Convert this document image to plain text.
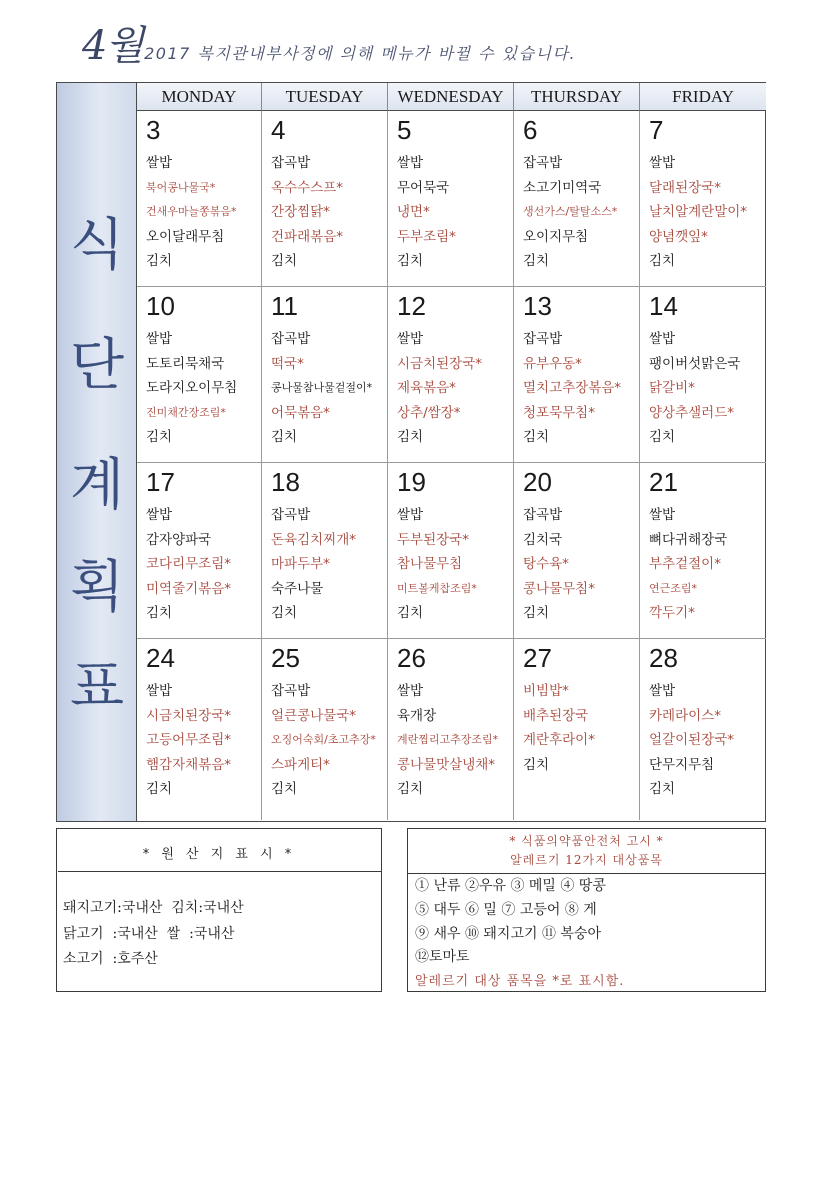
4월 2017 복지관내부사정에 의해 메뉴가 바뀔 수 있습니다.
식
단
계
획
표
MONDAY	TUESDAY	WEDNESDAY	THURSDAY	FRIDAY
3
쌀밥
북어콩나물국*
건새우마늘쫑볶음*
오이달래무침
김치
4
잡곡밥
옥수수스프*
간장찜닭*
건파래볶음*
김치
5
쌀밥
무어묵국
냉면*
두부조림*
김치
6
잡곡밥
소고기미역국
생선가스/탈탈소스*
오이지무침
김치
7
쌀밥
달래된장국*
날치알계란말이*
양념깻잎*
김치
10
쌀밥
도토리묵채국
도라지오이무침
진미채간장조림*
김치
11
잡곡밥
떡국*
콩나물참나물겉절이*
어묵볶음*
김치
12
쌀밥
시금치된장국*
제육볶음*
상추/쌈장*
김치
13
잡곡밥
유부우동*
멸치고추장볶음*
청포묵무침*
김치
14
쌀밥
팽이버섯맑은국
닭갈비*
양상추샐러드*
김치
17
쌀밥
감자양파국
코다리무조림*
미역줄기볶음*
김치
18
잡곡밥
돈육김치찌개*
마파두부*
숙주나물
김치
19
쌀밥
두부된장국*
참나물무침
미트볼케찹조림*
김치
20
잡곡밥
김치국
탕수육*
콩나물무침*
김치
21
쌀밥
뼈다귀해장국
부추겉절이*
연근조림*
깍두기*
24
쌀밥
시금치된장국*
고등어무조림*
햄감자채볶음*
김치
25
잡곡밥
얼큰콩나물국*
오징어숙회/초고추장*
스파게티*
김치
26
쌀밥
육개장
계란찜리고추장조림*
콩나물맛살냉채*
김치
27
비빔밥*
배추된장국
계란후라이*
김치
28
쌀밥
카레라이스*
얼갈이된장국*
단무지무침
김치
* 원 산 지 표 시 *
돼지고기:국내산  김치:국내산
닭고기  :국내산  쌀  :국내산
소고기  :호주산
* 식품의약품안전처 고시 *
알레르기 12가지 대상품목
① 난류 ②우유 ③ 메밀 ④ 땅콩
⑤ 대두 ⑥ 밀 ⑦ 고등어 ⑧ 게
⑨ 새우 ⑩ 돼지고기 ⑪ 복숭아
⑫토마토
알레르기 대상 품목을 *로 표시함.
